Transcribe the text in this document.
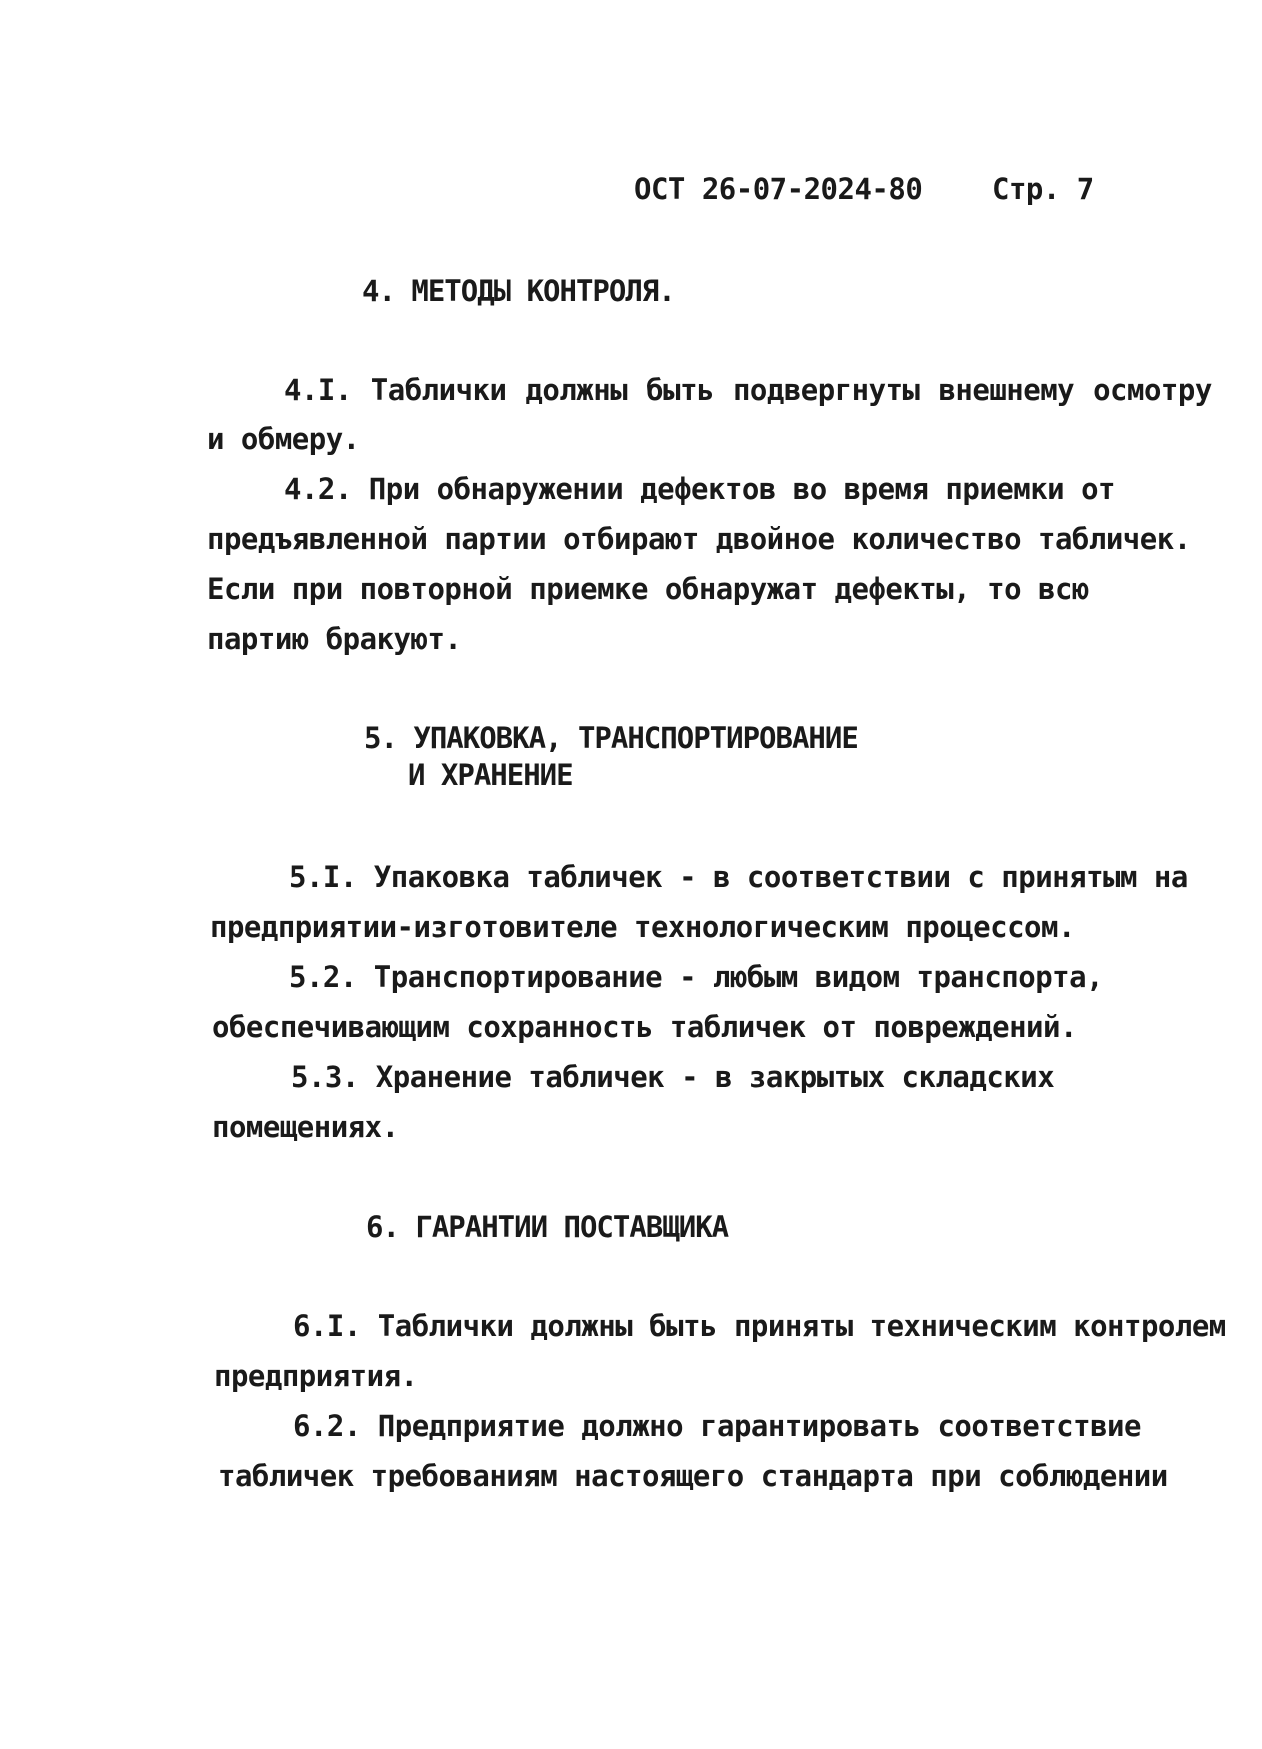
ОСТ 26-07-2024-80 Стр. 7
4. МЕТОДЫ КОНТРОЛЯ.
4.I. Таблички должны быть подвергнуты внешнему осмотру
и обмеру.
4.2. При обнаружении дефектов во время приемки от
предъявленной партии отбирают двойное количество табличек.
Если при повторной приемке обнаружат дефекты, то всю
партию бракуют.
5. УПАКОВКА, ТРАНСПОРТИРОВАНИЕ
И ХРАНЕНИЕ
5.I. Упаковка табличек - в соответствии с принятым на
предприятии-изготовителе технологическим процессом.
5.2. Транспортирование - любым видом транспорта,
обеспечивающим сохранность табличек от повреждений.
5.3. Хранение табличек - в закрытых складских
помещениях.
6. ГАРАНТИИ ПОСТАВЩИКА
6.I. Таблички должны быть приняты техническим контролем
предприятия.
6.2. Предприятие должно гарантировать соответствие
табличек требованиям настоящего стандарта при соблюдении
